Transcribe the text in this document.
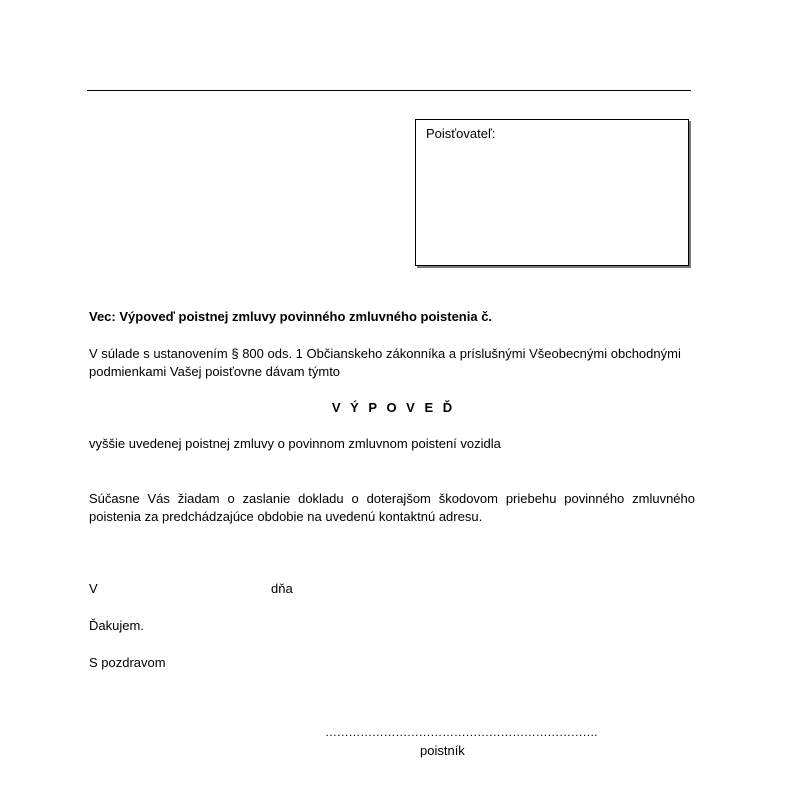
Poisťovateľ:
Vec: Výpoveď poistnej zmluvy povinného zmluvného poistenia č.
V súlade s ustanovením § 800 ods. 1 Občianskeho zákonníka a príslušnými Všeobecnými obchodnými podmienkami Vašej poisťovne dávam týmto
V Ý P O V E Ď
vyššie uvedenej poistnej zmluvy o povinnom zmluvnom poistení vozidla
Súčasne Vás žiadam o zaslanie dokladu o doterajšom škodovom priebehu povinného zmluvného poistenia za predchádzajúce obdobie na uvedenú kontaktnú adresu.
V	dňa
Ďakujem.
S pozdravom
…………………………………………………………….
poistník
